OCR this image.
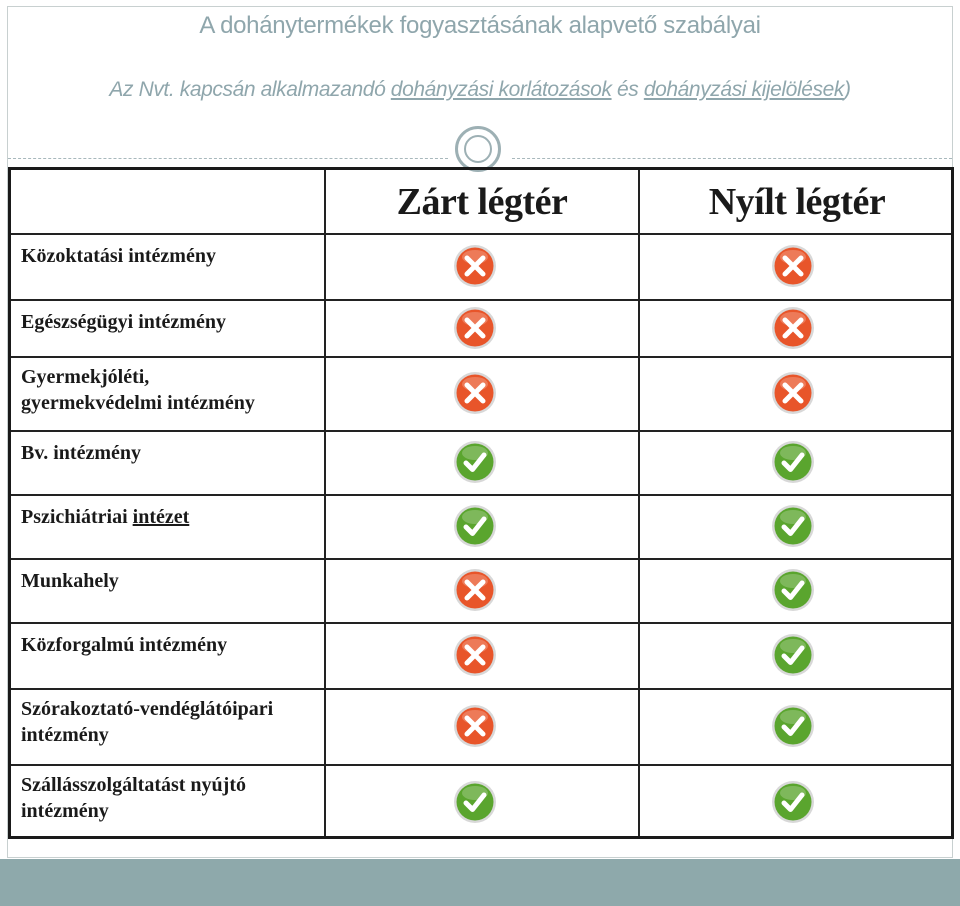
A dohánytermékek fogyasztásának alapvető szabályai
Az Nvt. kapcsán alkalmazandó dohányzási korlátozások és dohányzási kijelölések)
Zárt légtér	Nyílt légtér
Közoktatási intézmény
Egészségügyi intézmény
Gyermekjóléti,
gyermekvédelmi intézmény
Bv. intézmény
Pszichiátriai intézet
Munkahely
Közforgalmú intézmény
Szórakoztató-vendéglátóipari
intézmény
Szállásszolgáltatást nyújtó
intézmény
